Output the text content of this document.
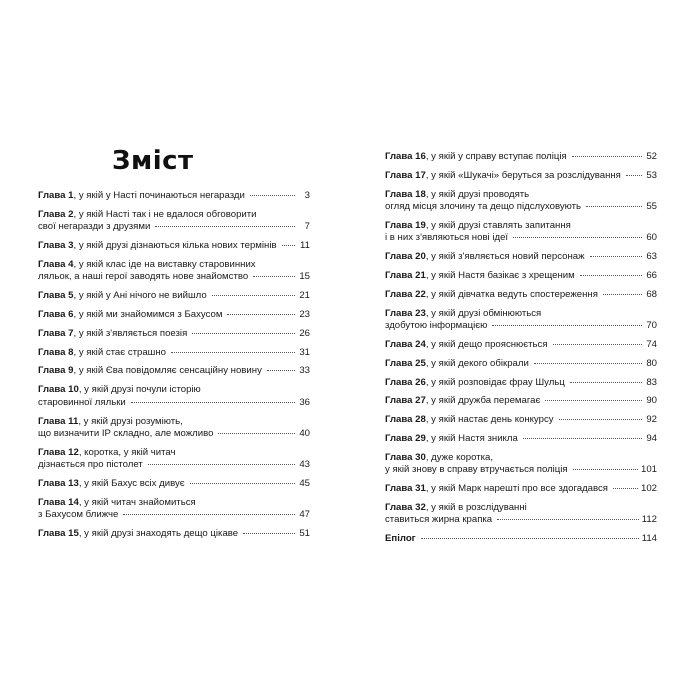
Зміст
Глава 1, у якій у Насті починаються негаразди	3
Глава 2, у якій Насті так і не вдалося обговорити
свої негаразди з друзями	7
Глава 3, у якій друзі дізнаються кілька нових термінів 11
Глава 4, у якій клас іде на виставку старовинних
ляльок, а наші герої заводять нове знайомство	15
Глава 5, у якій у Ані нічого не вийшло	21
Глава 6, у якій ми знайомимся з Бахусом	23
Глава 7, у якій з'являється поезія	26
Глава 8, у якій стає страшно	31
Глава 9, у якій Єва повідомляє сенсаційну новину	33
Глава 10, у якій друзі почули історію
старовинної ляльки	36
Глава 11, у якій друзі розуміють,
що визначити IP складно, але можливо	40
Глава 12, коротка, у якій читач
дізнається про пістолет	43
Глава 13, у якій Бахус всіх дивує	45
Глава 14, у якій читач знайомиться
з Бахусом ближче	47
Глава 15, у якій друзі знаходять дещо цікаве	51
Глава 16, у якій у справу вступає поліція	52
Глава 17, у якій «Шукачі» беруться за розслідування	53
Глава 18, у якій друзі проводять
огляд місця злочину та дещо підслуховують	55
Глава 19, у якій друзі ставлять запитання
і в них з'являються нові ідеї	60
Глава 20, у якій з'являється новий персонаж	63
Глава 21, у якій Настя базікає з хрещеним	66
Глава 22, у якій дівчатка ведуть спостереження	68
Глава 23, у якій друзі обмінюються
здобутою інформацією	70
Глава 24, у якій дещо прояснюється	74
Глава 25, у якій декого обікрали	80
Глава 26, у якій розповідає фрау Шульц	83
Глава 27, у якій дружба перемагає	90
Глава 28, у якій настає день конкурсу	92
Глава 29, у якій Настя зникла	94
Глава 30, дуже коротка,
у якій знову в справу втручається поліція	101
Глава 31, у якій Марк нарешті про все здогадався	102
Глава 32, у якій в розслідуванні
ставиться жирна крапка	112
Епілог	114
